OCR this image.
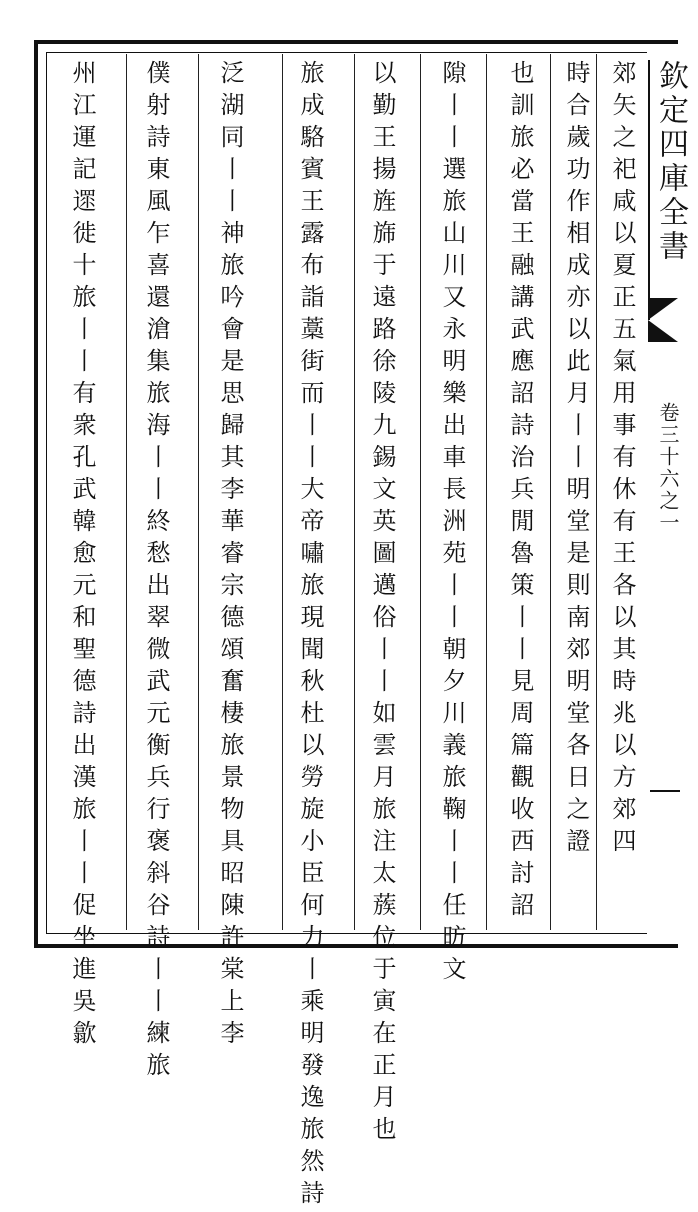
欽定四庫全書
卷三十六之一
郊矢之祀咸以夏正五氣用事有休有王各以其時兆以方郊四
時合歲功作相成亦以此月丨丨明堂是則南郊明堂各日之證
也訓旅必當王融講武應詔詩治兵閒魯策丨丨見周篇觀收西討詔
隙丨丨選旅山川又永明樂出車長洲苑丨丨朝夕川義旅鞠丨丨任昉文
以勤王揚旌旆于遠路徐陵九錫文英圖邁俗丨丨如雲月旅注太蔟位于寅在正月也
旅成駱賓王露布詣藁街而丨丨大帝嘯旅現聞秋杜以勞旋小臣何力丨乘明發逸旅然詩
泛湖同丨丨神旅吟會是思歸其李華睿宗德頌奮棲旅景物具昭陳許棠上李
僕射詩東風乍喜還滄集旅海丨丨終愁出翠微武元衡兵行褒斜谷詩丨丨練旅
州江運記遝徙十旅丨丨有衆孔武韓愈元和聖德詩出漢旅丨丨促坐進吳歙
